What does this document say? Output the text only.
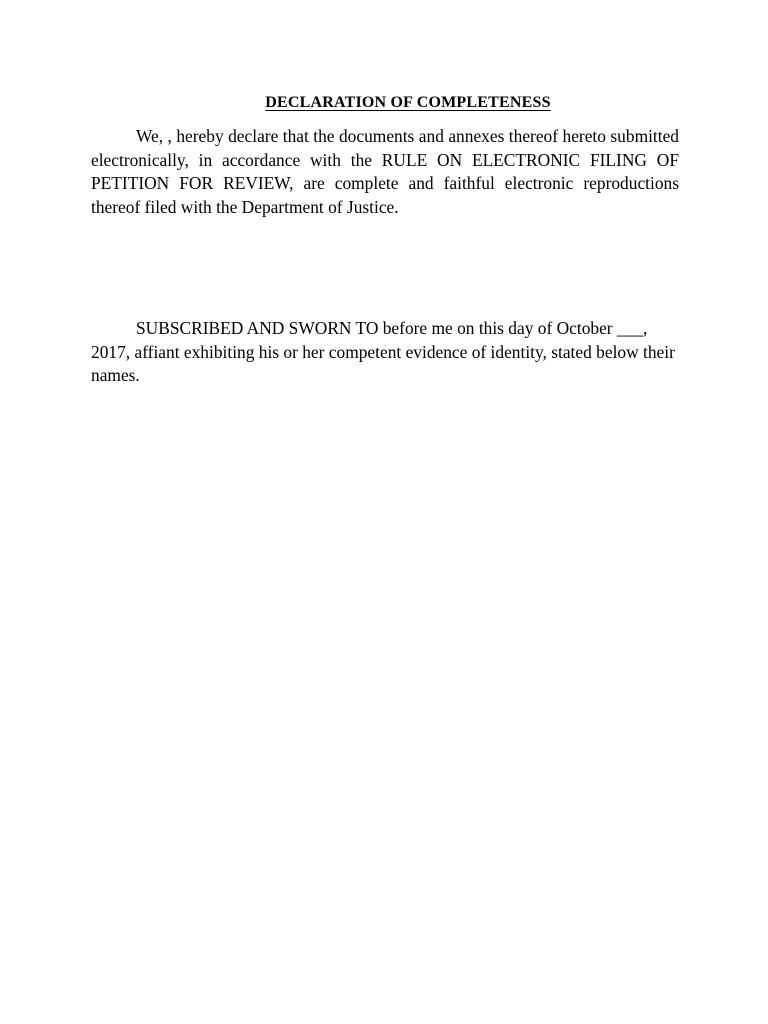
DECLARATION OF COMPLETENESS

We, , hereby declare that the documents and annexes thereof hereto submitted electronically, in accordance with the RULE ON ELECTRONIC FILING OF PETITION FOR REVIEW, are complete and faithful electronic reproductions thereof filed with the Department of Justice.

SUBSCRIBED AND SWORN TO before me on this day of October ___, 2017, affiant exhibiting his or her competent evidence of identity, stated below their names.
